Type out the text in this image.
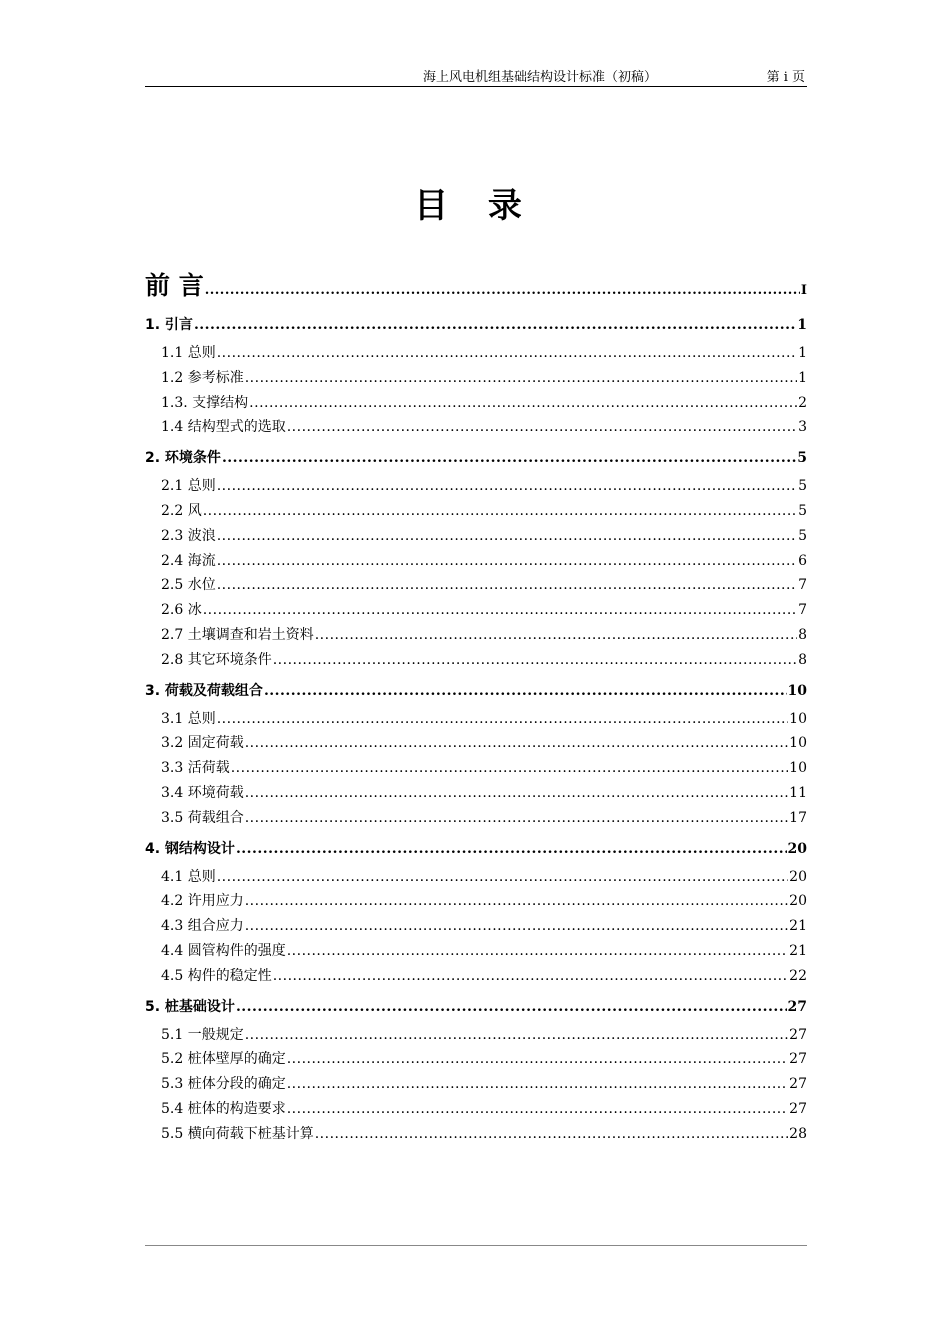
海上风电机组基础结构设计标准（初稿）	第 i 页
目 录
前 言 .....	I
1. 引言 .....	1
1.1 总则 .....	1
1.2 参考标准 .....	1
1.3. 支撑结构 .....	2
1.4 结构型式的选取 .....	3
2. 环境条件 .....	5
2.1 总则 .....	5
2.2 风 .....	5
2.3 波浪 .....	5
2.4 海流 .....	6
2.5 水位 .....	7
2.6 冰 .....	7
2.7 土壤调查和岩土资料 .....	8
2.8 其它环境条件 .....	8
3. 荷载及荷载组合 .....	10
3.1 总则 .....	10
3.2 固定荷载 .....	10
3.3 活荷载 .....	10
3.4 环境荷载 .....	11
3.5 荷载组合 .....	17
4. 钢结构设计 .....	20
4.1 总则 .....	20
4.2 许用应力 .....	20
4.3 组合应力 .....	21
4.4 圆管构件的强度 .....	21
4.5 构件的稳定性 .....	22
5. 桩基础设计 .....	27
5.1 一般规定 .....	27
5.2 桩体壁厚的确定 .....	27
5.3 桩体分段的确定 .....	27
5.4 桩体的构造要求 .....	27
5.5 横向荷载下桩基计算 .....	28
